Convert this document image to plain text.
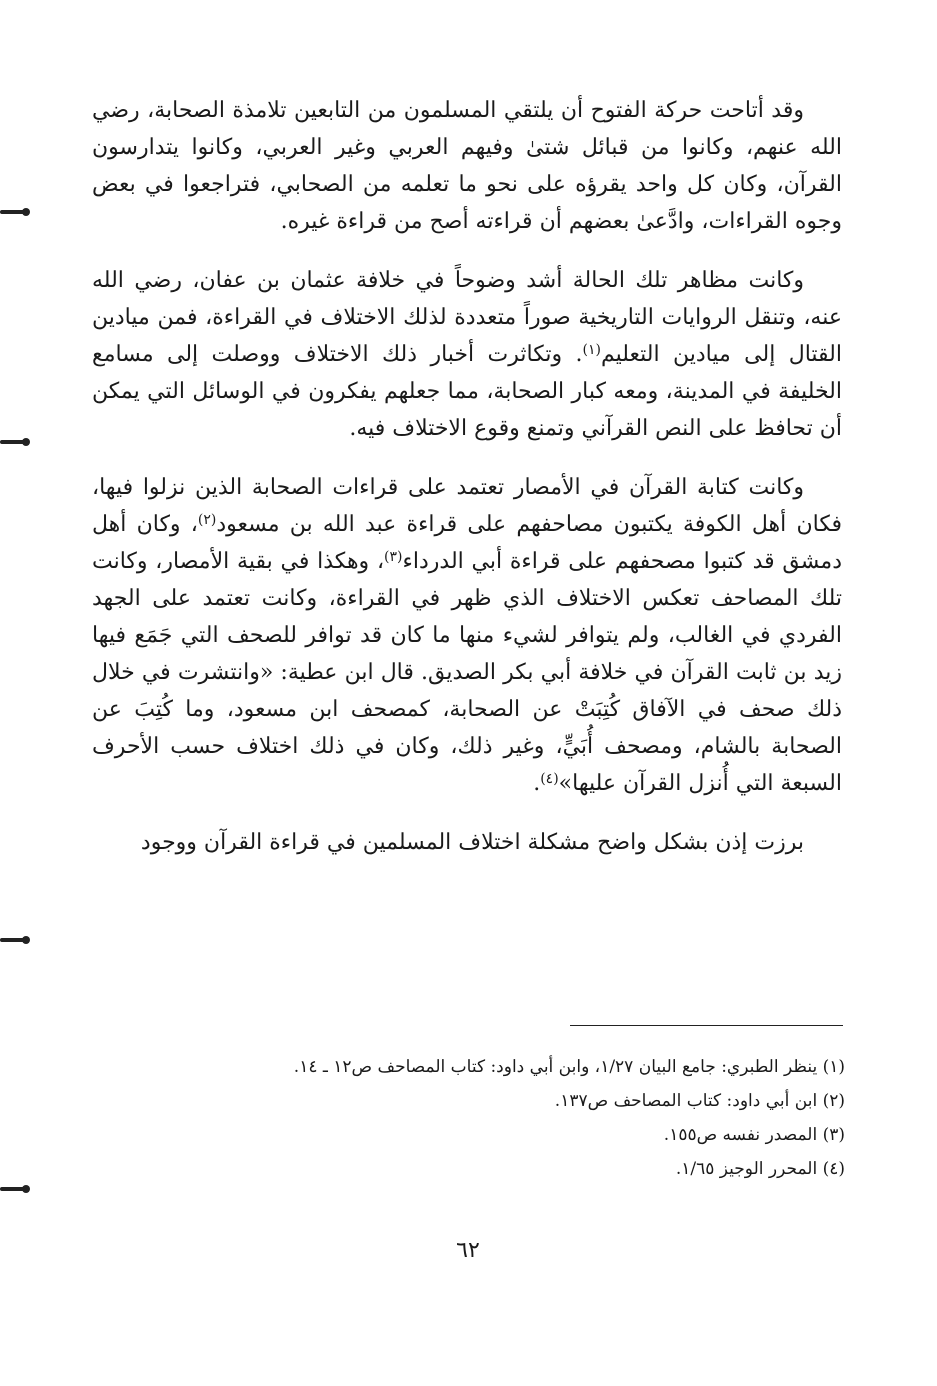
وقد أتاحت حركة الفتوح أن يلتقي المسلمون من التابعين تلامذة الصحابة، رضي الله عنهم، وكانوا من قبائل شتىٰ وفيهم العربي وغير العربي، وكانوا يتدارسون القرآن، وكان كل واحد يقرؤه على نحو ما تعلمه من الصحابي، فتراجعوا في بعض وجوه القراءات، وادَّعىٰ بعضهم أن قراءته أصح من قراءة غيره.

وكانت مظاهر تلك الحالة أشد وضوحاً في خلافة عثمان بن عفان، رضي الله عنه، وتنقل الروايات التاريخية صوراً متعددة لذلك الاختلاف في القراءة، فمن ميادين القتال إلى ميادين التعليم$^{(١)}$. وتكاثرت أخبار ذلك الاختلاف ووصلت إلى مسامع الخليفة في المدينة، ومعه كبار الصحابة، مما جعلهم يفكرون في الوسائل التي يمكن أن تحافظ على النص القرآني وتمنع وقوع الاختلاف فيه.

وكانت كتابة القرآن في الأمصار تعتمد على قراءات الصحابة الذين نزلوا فيها، فكان أهل الكوفة يكتبون مصاحفهم على قراءة عبد الله بن مسعود$^{(٢)}$، وكان أهل دمشق قد كتبوا مصحفهم على قراءة أبي الدرداء$^{(٣)}$، وهكذا في بقية الأمصار، وكانت تلك المصاحف تعكس الاختلاف الذي ظهر في القراءة، وكانت تعتمد على الجهد الفردي في الغالب، ولم يتوافر لشيء منها ما كان قد توافر للصحف التي جَمَع فيها زيد بن ثابت القرآن في خلافة أبي بكر الصديق. قال ابن عطية: «وانتشرت في خلال ذلك صحف في الآفاق كُتِبَتْ عن الصحابة، كمصحف ابن مسعود، وما كُتِبَ عن الصحابة بالشام، ومصحف أُبَيٍّ، وغير ذلك، وكان في ذلك اختلاف حسب الأحرف السبعة التي أُنزل القرآن عليها»$^{(٤)}$.

برزت إذن بشكل واضح مشكلة اختلاف المسلمين في قراءة القرآن ووجود

(١) ينظر الطبري: جامع البيان ١/٢٧، وابن أبي داود: كتاب المصاحف ص١٢ ـ ١٤.

(٢) ابن أبي داود: كتاب المصاحف ص١٣٧.

(٣) المصدر نفسه ص١٥٥.

(٤) المحرر الوجيز ١/٦٥.

٦٢
